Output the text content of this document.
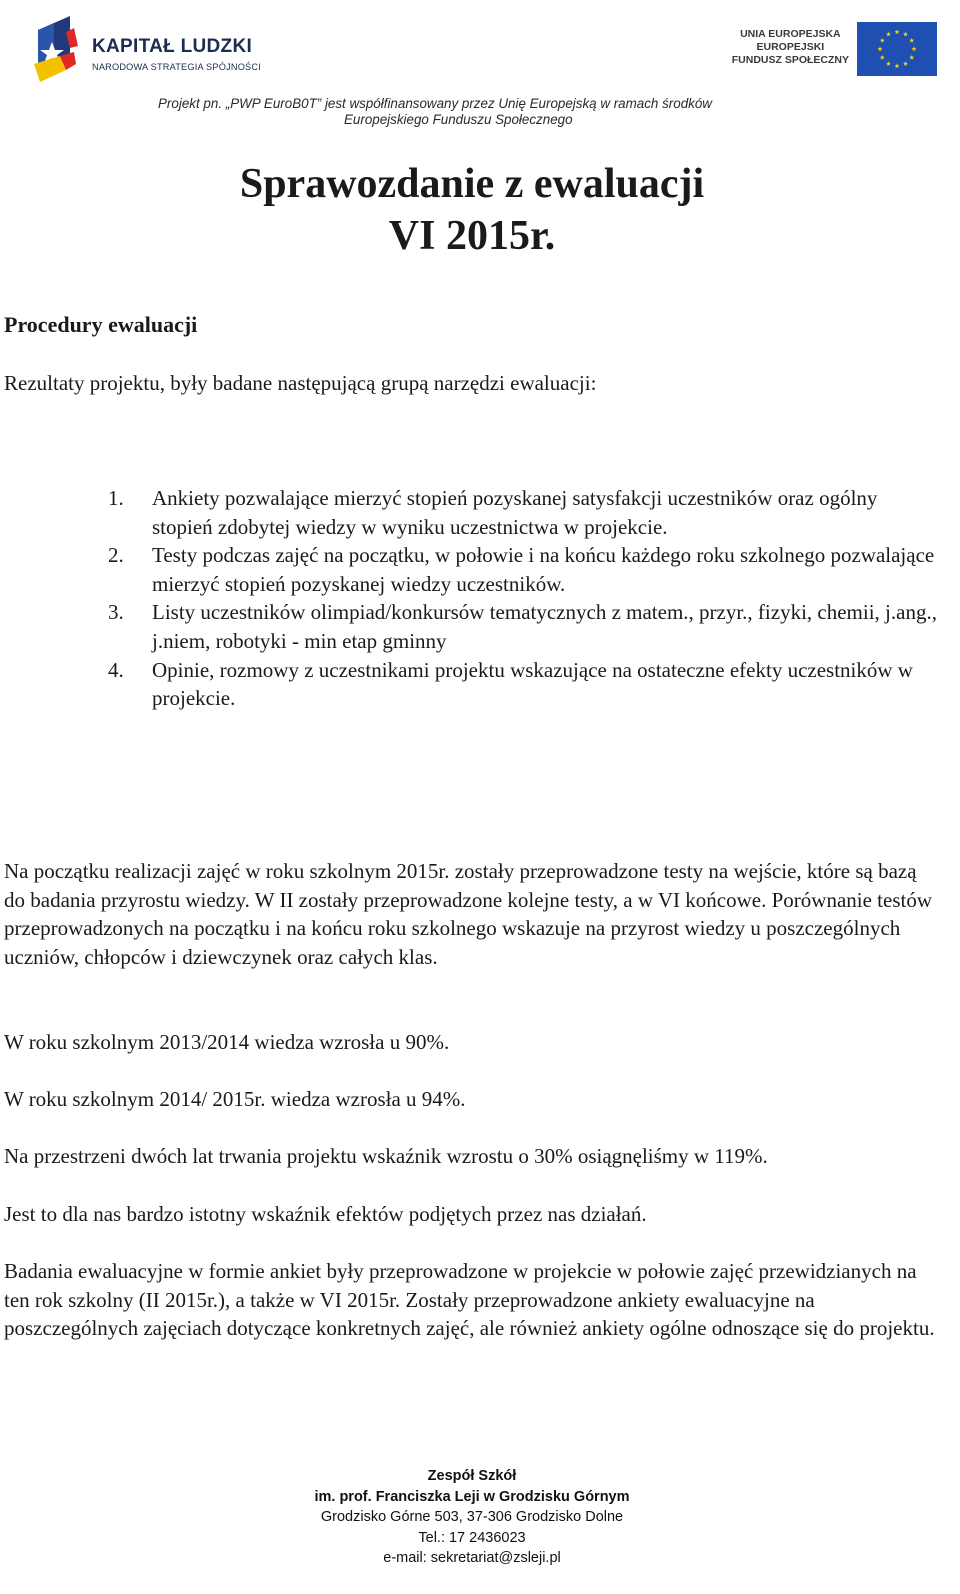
KAPITAŁ LUDZKI
NARODOWA STRATEGIA SPÓJNOŚCI
UNIA EUROPEJSKA
EUROPEJSKI
FUNDUSZ SPOŁECZNY
Projekt pn. „PWP EuroB0T” jest współfinansowany przez Unię Europejską w ramach środków
Europejskiego Funduszu Społecznego
Sprawozdanie z ewaluacji
VI 2015r.
Procedury ewaluacji
Rezultaty projektu, były badane następującą grupą narzędzi ewaluacji:
1. Ankiety pozwalające mierzyć stopień pozyskanej satysfakcji uczestników oraz ogólny stopień zdobytej wiedzy w wyniku uczestnictwa w projekcie.
2. Testy podczas zajęć na początku, w połowie i na końcu każdego roku szkolnego pozwalające mierzyć stopień pozyskanej wiedzy uczestników.
3. Listy uczestników olimpiad/konkursów tematycznych z matem., przyr., fizyki, chemii, j.ang., j.niem, robotyki - min etap gminny
4. Opinie, rozmowy z uczestnikami projektu wskazujące na ostateczne efekty uczestników w projekcie.
Na początku realizacji zajęć w roku szkolnym 2015r. zostały przeprowadzone testy na wejście, które są bazą do badania przyrostu wiedzy. W II zostały przeprowadzone kolejne testy, a w VI końcowe. Porównanie testów przeprowadzonych na początku i na końcu roku szkolnego wskazuje na przyrost wiedzy u poszczególnych uczniów, chłopców i dziewczynek oraz całych klas.
W roku szkolnym 2013/2014 wiedza wzrosła u 90%.
W roku szkolnym 2014/ 2015r. wiedza wzrosła u 94%.
Na przestrzeni dwóch lat trwania projektu wskaźnik wzrostu o 30% osiągnęliśmy w 119%.
Jest to dla nas bardzo istotny wskaźnik efektów podjętych przez nas działań.
Badania ewaluacyjne w formie ankiet były przeprowadzone w projekcie w połowie zajęć przewidzianych na ten rok szkolny (II 2015r.), a także w VI 2015r. Zostały przeprowadzone ankiety ewaluacyjne na poszczególnych zajęciach dotyczące konkretnych zajęć, ale również ankiety ogólne odnoszące się do projektu.
Zespół Szkół
im. prof. Franciszka Leji w Grodzisku Górnym
Grodzisko Górne 503, 37-306 Grodzisko Dolne
Tel.: 17 2436023
e-mail: sekretariat@zsleji.pl
